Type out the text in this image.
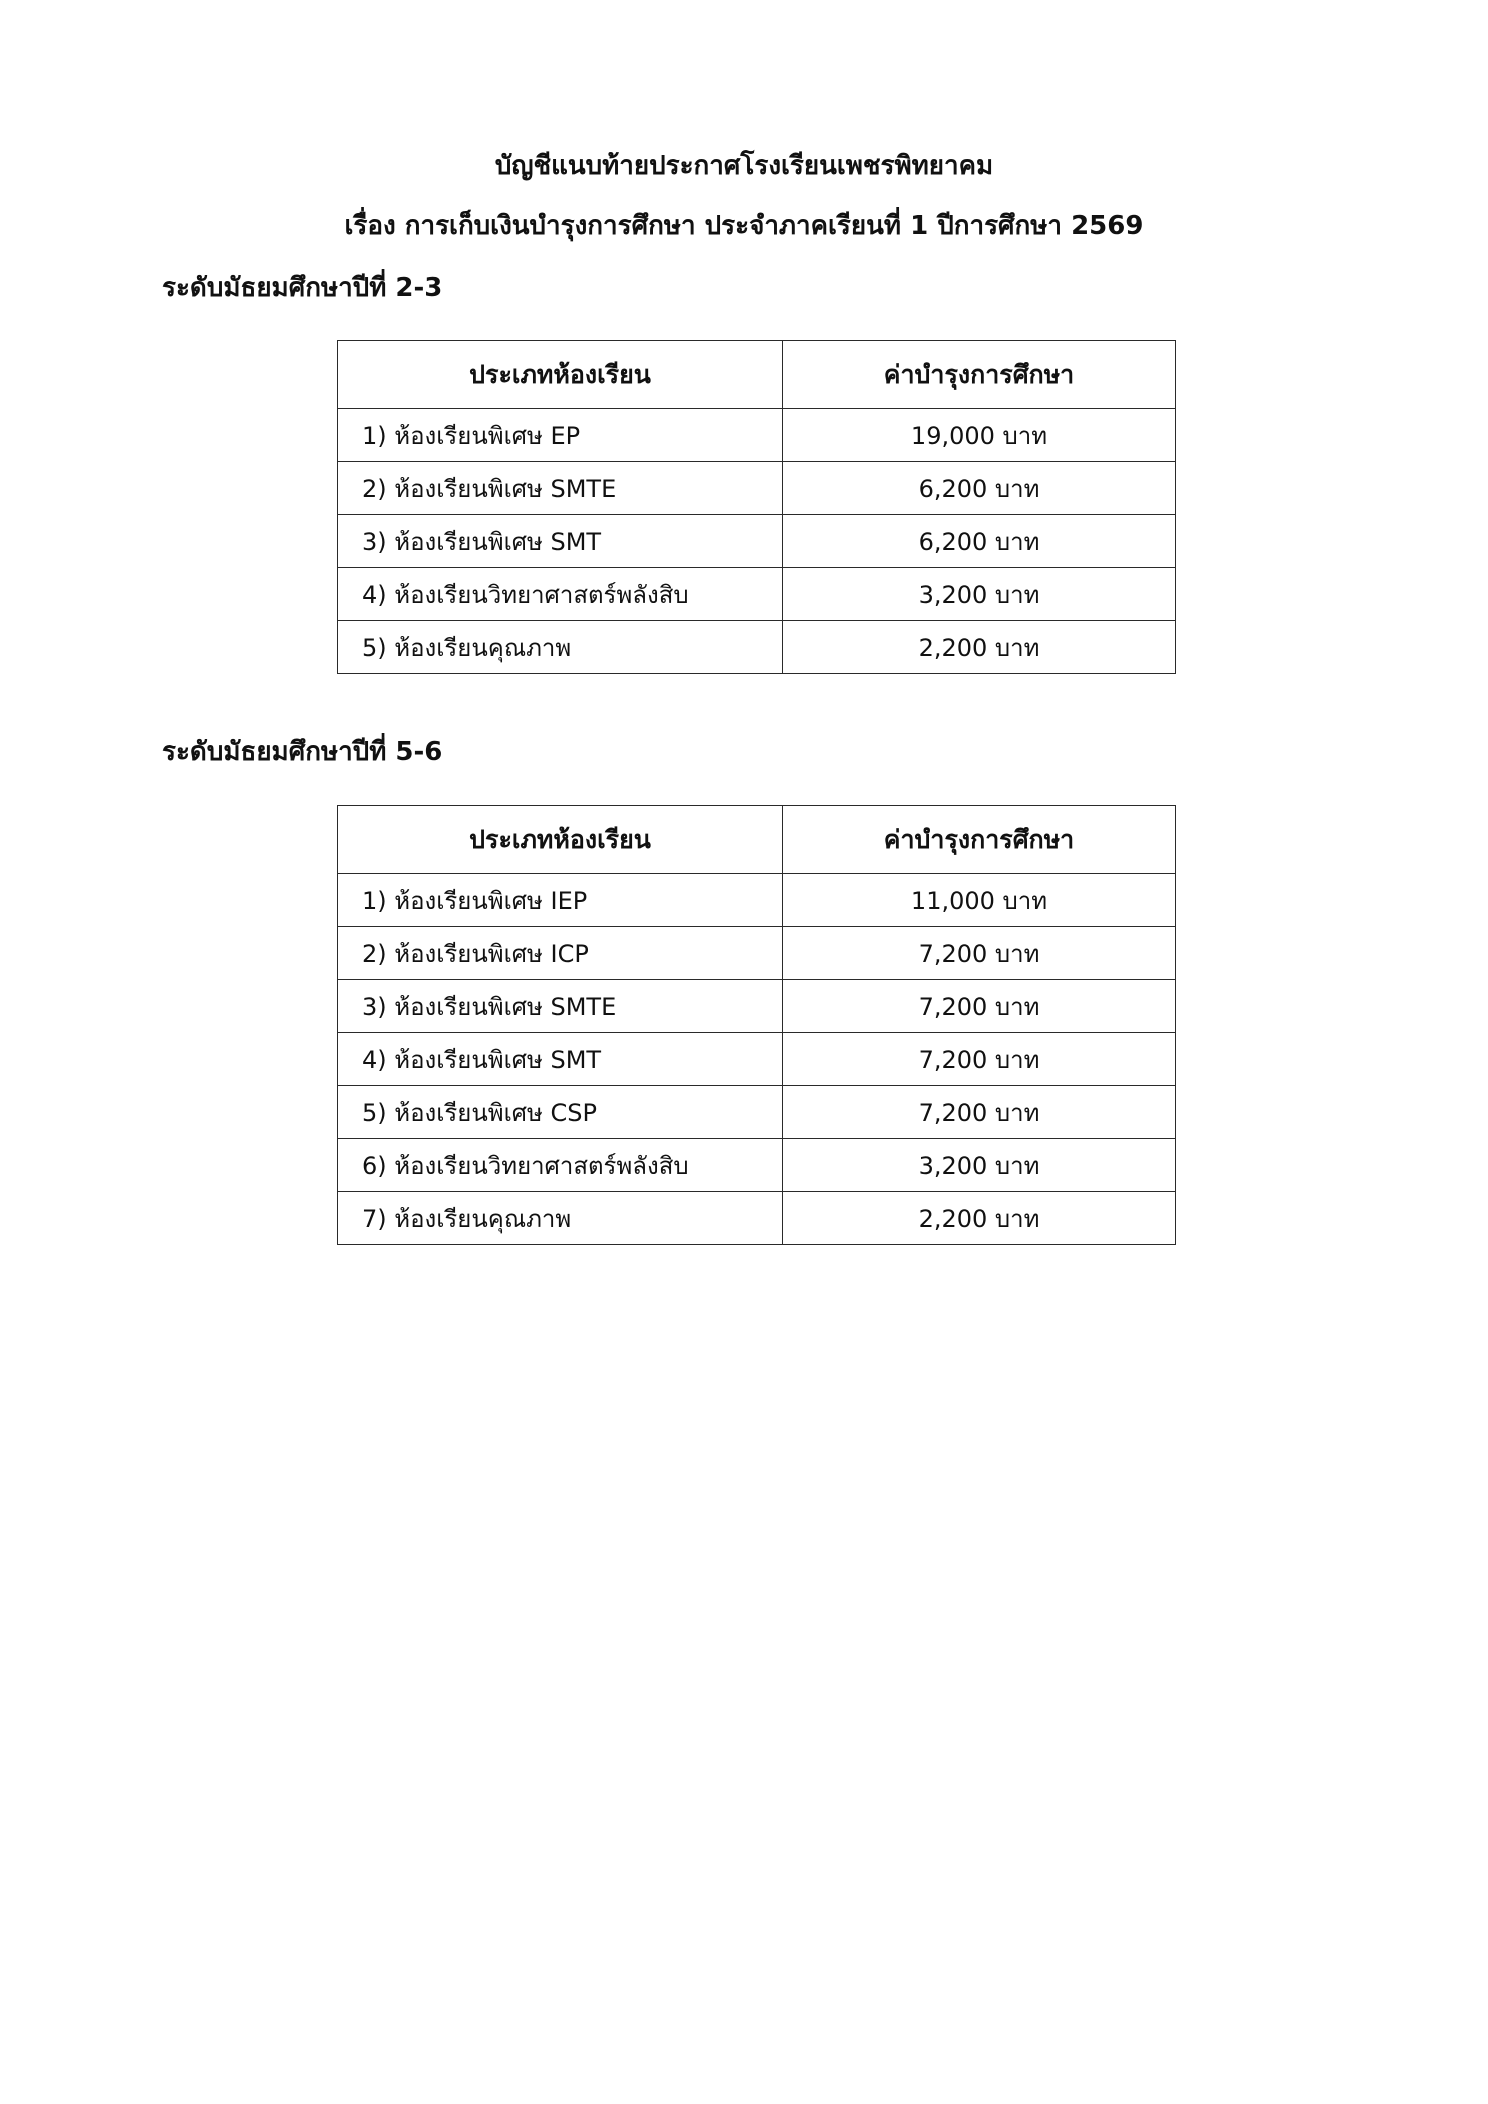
บัญชีแนบท้ายประกาศโรงเรียนเพชรพิทยาคม
เรื่อง การเก็บเงินบำรุงการศึกษา ประจำภาคเรียนที่ 1 ปีการศึกษา 2569
ระดับมัธยมศึกษาปีที่ 2-3
ประเภทห้องเรียน	ค่าบำรุงการศึกษา
1) ห้องเรียนพิเศษ EP	19,000 บาท
2) ห้องเรียนพิเศษ SMTE	6,200 บาท
3) ห้องเรียนพิเศษ SMT	6,200 บาท
4) ห้องเรียนวิทยาศาสตร์พลังสิบ	3,200 บาท
5) ห้องเรียนคุณภาพ	2,200 บาท
ระดับมัธยมศึกษาปีที่ 5-6
ประเภทห้องเรียน	ค่าบำรุงการศึกษา
1) ห้องเรียนพิเศษ IEP	11,000 บาท
2) ห้องเรียนพิเศษ ICP	7,200 บาท
3) ห้องเรียนพิเศษ SMTE	7,200 บาท
4) ห้องเรียนพิเศษ SMT	7,200 บาท
5) ห้องเรียนพิเศษ CSP	7,200 บาท
6) ห้องเรียนวิทยาศาสตร์พลังสิบ	3,200 บาท
7) ห้องเรียนคุณภาพ	2,200 บาท
